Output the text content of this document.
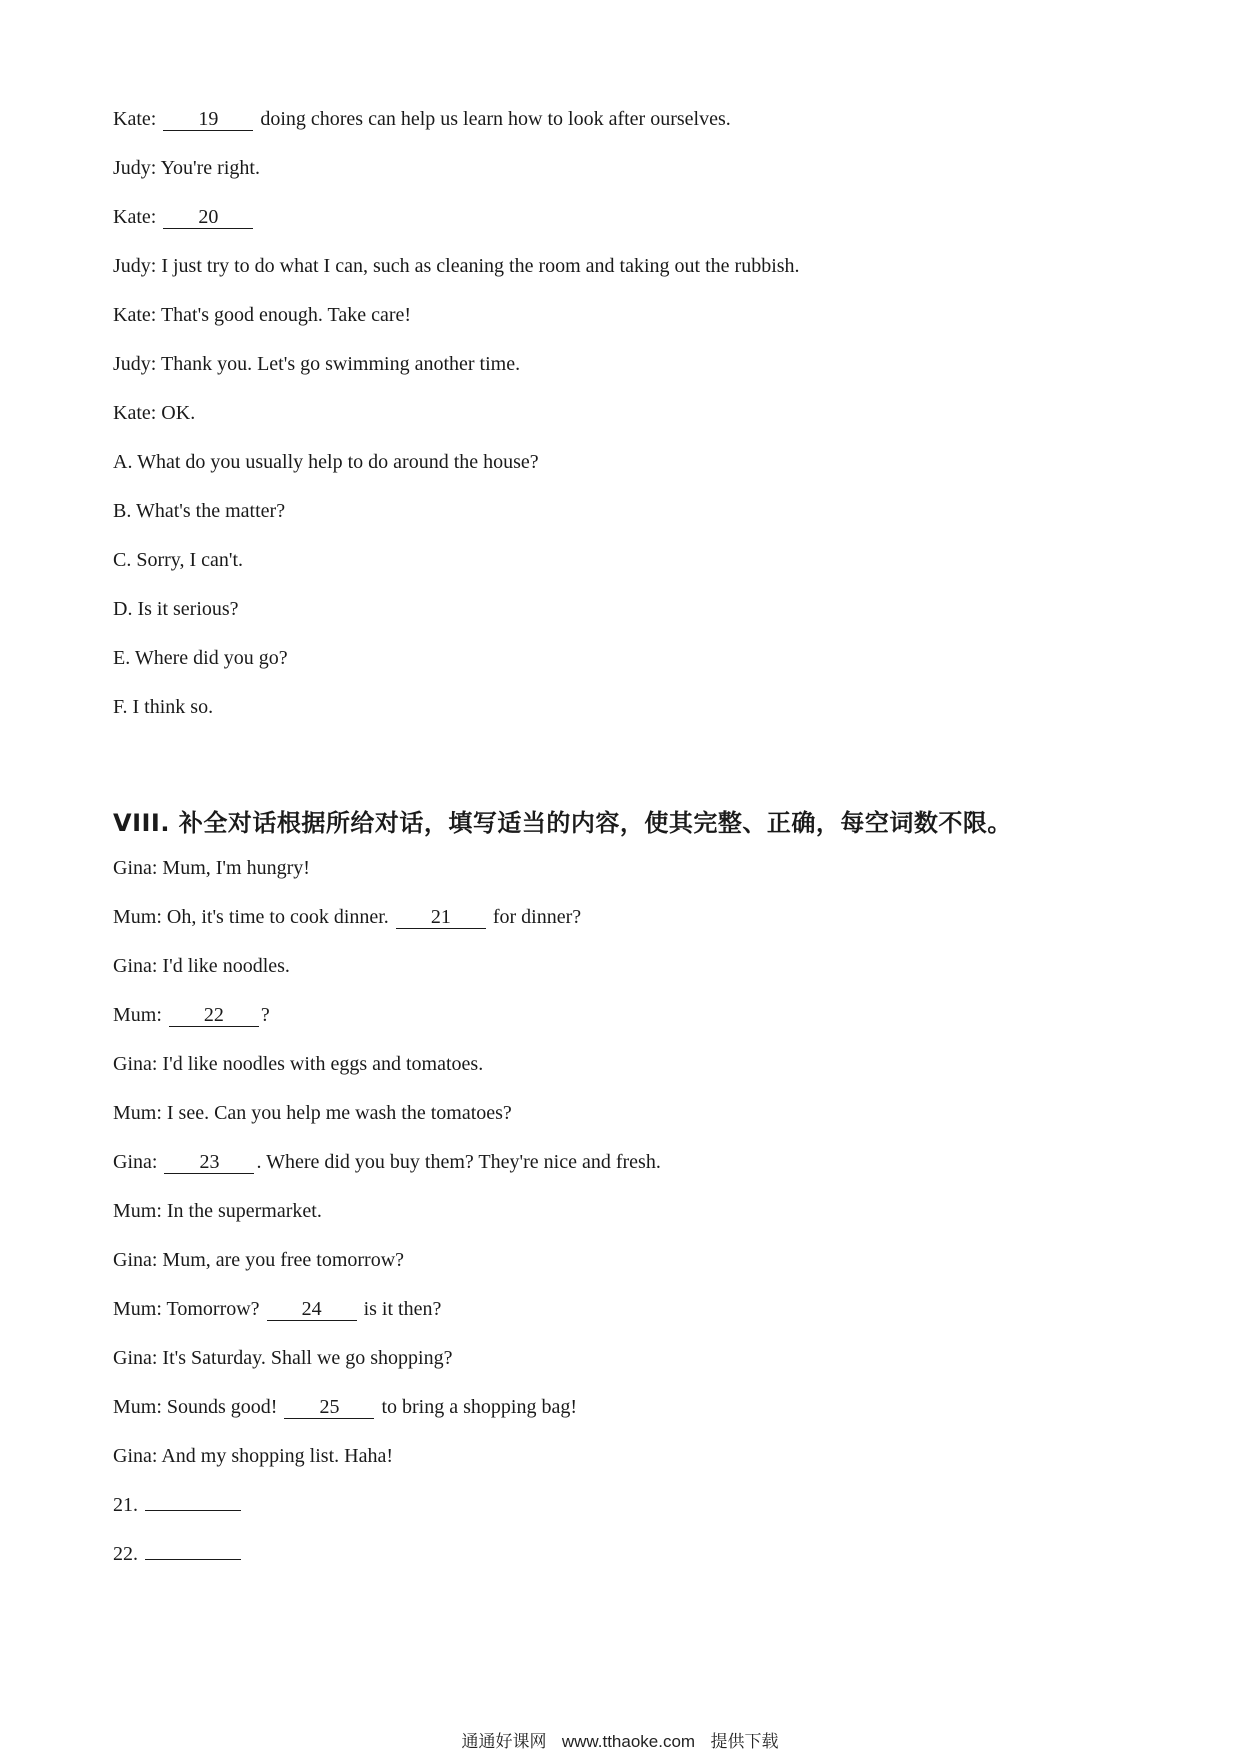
Kate: 19 doing chores can help us learn how to look after ourselves.
Judy: You're right.
Kate: 20
Judy: I just try to do what I can, such as cleaning the room and taking out the rubbish.
Kate: That's good enough. Take care!
Judy: Thank you. Let's go swimming another time.
Kate: OK.
A. What do you usually help to do around the house?
B. What's the matter?
C. Sorry, I can't.
D. Is it serious?
E. Where did you go?
F. I think so.
VIII. 补全对话根据所给对话，填写适当的内容，使其完整、正确，每空词数不限。
Gina: Mum, I'm hungry!
Mum: Oh, it's time to cook dinner. 21 for dinner?
Gina: I'd like noodles.
Mum: 22 ?
Gina: I'd like noodles with eggs and tomatoes.
Mum: I see. Can you help me wash the tomatoes?
Gina: 23 . Where did you buy them? They're nice and fresh.
Mum: In the supermarket.
Gina: Mum, are you free tomorrow?
Mum: Tomorrow? 24 is it then?
Gina: It's Saturday. Shall we go shopping?
Mum: Sounds good! 25 to bring a shopping bag!
Gina: And my shopping list. Haha!
21.
22.
通通好课网 www.tthaoke.com 提供下载
